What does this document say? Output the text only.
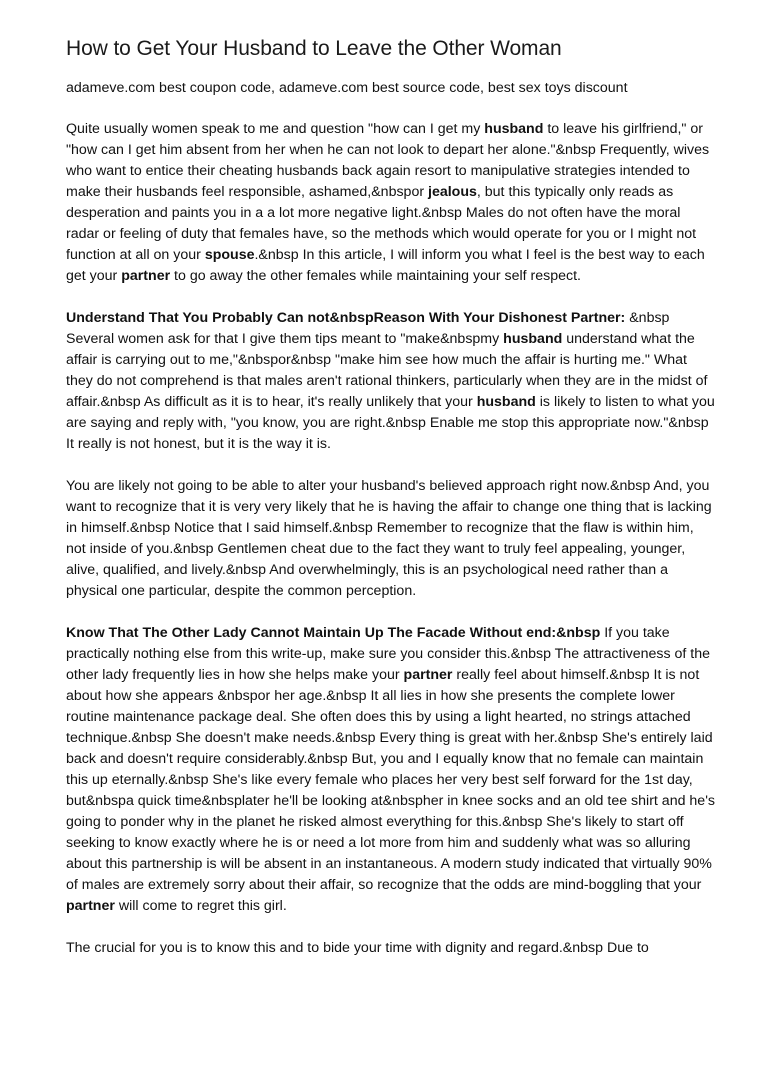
How to Get Your Husband to Leave the Other Woman
adameve.com best coupon code, adameve.com best source code, best sex toys discount

Quite usually women speak to me and question "how can I get my husband to leave his girlfriend," or "how can I get him absent from her when he can not look to depart her alone."&nbsp Frequently, wives who want to entice their cheating husbands back again resort to manipulative strategies intended to make their husbands feel responsible, ashamed,&nbspor jealous, but this typically only reads as desperation and paints you in a a lot more negative light.&nbsp Males do not often have the moral radar or feeling of duty that females have, so the methods which would operate for you or I might not function at all on your spouse.&nbsp In this article, I will inform you what I feel is the best way to each get your partner to go away the other females while maintaining your self respect.

Understand That You Probably Can not&nbspReason With Your Dishonest Partner: &nbsp Several women ask for that I give them tips meant to "make&nbspmy husband understand what the affair is carrying out to me,"&nbspor&nbsp "make him see how much the affair is hurting me." What they do not comprehend is that males aren't rational thinkers, particularly when they are in the midst of affair.&nbsp As difficult as it is to hear, it's really unlikely that your husband is likely to listen to what you are saying and reply with, "you know, you are right.&nbsp Enable me stop this appropriate now."&nbsp It really is not honest, but it is the way it is.

You are likely not going to be able to alter your husband's believed approach right now.&nbsp And, you want to recognize that it is very very likely that he is having the affair to change one thing that is lacking in himself.&nbsp Notice that I said himself.&nbsp Remember to recognize that the flaw is within him, not inside of you.&nbsp Gentlemen cheat due to the fact they want to truly feel appealing, younger, alive, qualified, and lively.&nbsp And overwhelmingly, this is an psychological need rather than a physical one particular, despite the common perception.

Know That The Other Lady Cannot Maintain Up The Facade Without end:&nbsp If you take practically nothing else from this write-up, make sure you consider this.&nbsp The attractiveness of the other lady frequently lies in how she helps make your partner really feel about himself.&nbsp It is not about how she appears &nbspor her age.&nbsp It all lies in how she presents the complete lower routine maintenance package deal. She often does this by using a light hearted, no strings attached technique.&nbsp She doesn't make needs.&nbsp Every thing is great with her.&nbsp She's entirely laid back and doesn't require considerably.&nbsp But, you and I equally know that no female can maintain this up eternally.&nbsp She's like every female who places her very best self forward for the 1st day, but&nbspa quick time&nbsplater he'll be looking at&nbspher in knee socks and an old tee shirt and he's going to ponder why in the planet he risked almost everything for this.&nbsp She's likely to start off seeking to know exactly where he is or need a lot more from him and suddenly what was so alluring about this partnership is will be absent in an instantaneous. A modern study indicated that virtually 90% of males are extremely sorry about their affair, so recognize that the odds are mind-boggling that your partner will come to regret this girl.

The crucial for you is to know this and to bide your time with dignity and regard.&nbsp Due to
